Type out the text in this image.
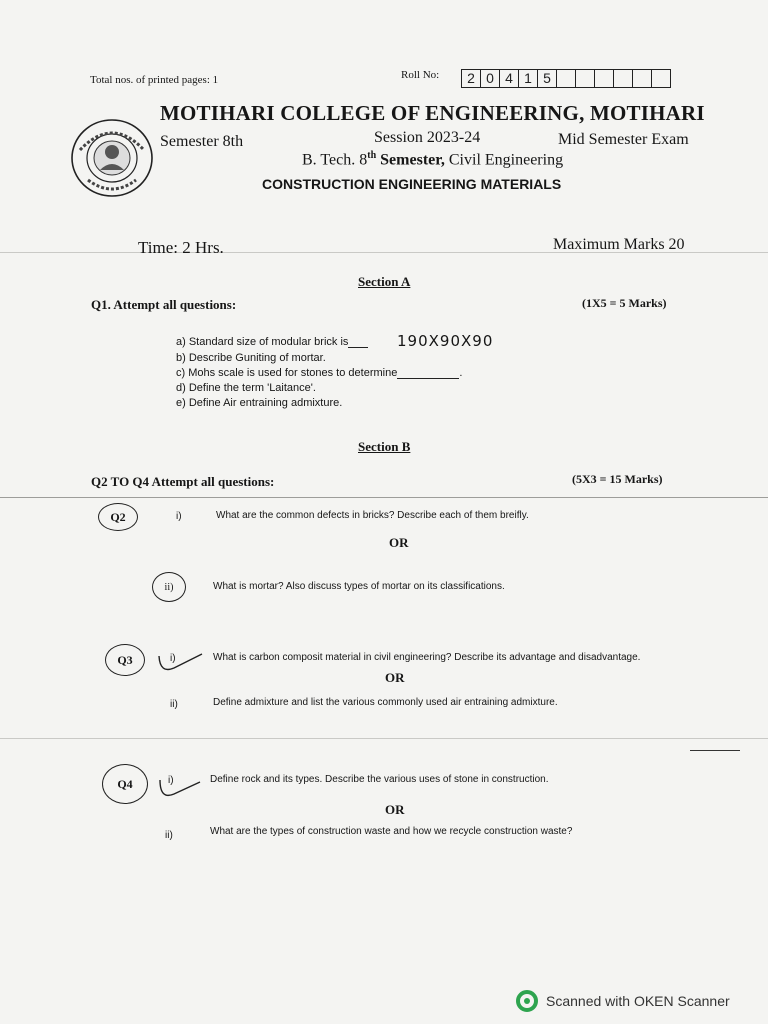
Total nos. of printed pages: 1	Roll No:	2 0 4 1 5
MOTIHARI COLLEGE OF ENGINEERING, MOTIHARI
Semester 8th	Session 2023-24	Mid Semester Exam
B. Tech. 8th Semester, Civil Engineering
CONSTRUCTION ENGINEERING MATERIALS
Time: 2 Hrs.	Maximum Marks 20
Section A
Q1. Attempt all questions:	(1X5 = 5 Marks)
a) Standard size of modular brick is	190X90X90
b) Describe Guniting of mortar.
c) Mohs scale is used for stones to determine	.
d) Define the term 'Laitance'.
e) Define Air entraining admixture.
Section B
Q2 TO Q4 Attempt all questions:	(5X3 = 15 Marks)
Q2	i)	What are the common defects in bricks? Describe each of them breifly.
OR
ii)	What is mortar? Also discuss types of mortar on its classifications.
Q3	i)	What is carbon composit material in civil engineering? Describe its advantage and disadvantage.
OR
ii)	Define admixture and list the various commonly used air entraining admixture.
Q4	i)	Define rock and its types. Describe the various uses of stone in construction.
OR
ii)	What are the types of construction waste and how we recycle construction waste?
Scanned with OKEN Scanner
